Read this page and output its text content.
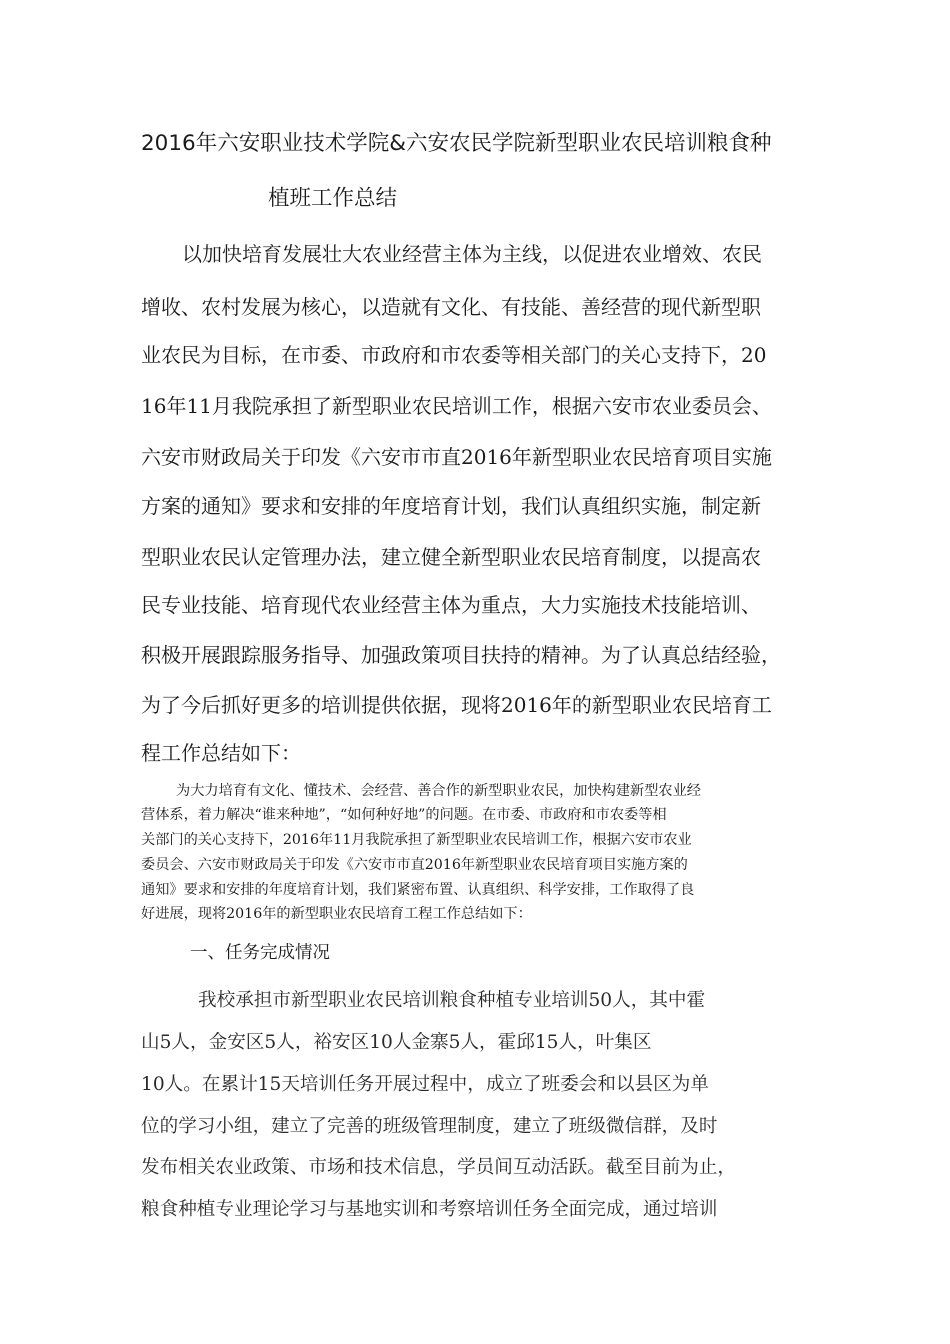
2016年六安职业技术学院&六安农民学院新型职业农民培训粮食种
植班工作总结
以加快培育发展壮大农业经营主体为主线，以促进农业增效、农民
增收、农村发展为核心，以造就有文化、有技能、善经营的现代新型职
业农民为目标，在市委、市政府和市农委等相关部门的关心支持下，20
16年11月我院承担了新型职业农民培训工作，根据六安市农业委员会、
六安市财政局关于印发《六安市市直2016年新型职业农民培育项目实施
方案的通知》要求和安排的年度培育计划，我们认真组织实施，制定新
型职业农民认定管理办法，建立健全新型职业农民培育制度，以提高农
民专业技能、培育现代农业经营主体为重点，大力实施技术技能培训、
积极开展跟踪服务指导、加强政策项目扶持的精神。为了认真总结经验，
为了今后抓好更多的培训提供依据，现将2016年的新型职业农民培育工
程工作总结如下：
为大力培育有文化、懂技术、会经营、善合作的新型职业农民，加快构建新型农业经
营体系，着力解决“谁来种地”，“如何种好地”的问题。在市委、市政府和市农委等相
关部门的关心支持下，2016年11月我院承担了新型职业农民培训工作，根据六安市农业
委员会、六安市财政局关于印发《六安市市直2016年新型职业农民培育项目实施方案的
通知》要求和安排的年度培育计划，我们紧密布置、认真组织、科学安排，工作取得了良
好进展，现将2016年的新型职业农民培育工程工作总结如下：
一、任务完成情况
我校承担市新型职业农民培训粮食种植专业培训50人，其中霍
山5人，金安区5人，裕安区10人金寨5人，霍邱15人，叶集区
10人。在累计15天培训任务开展过程中，成立了班委会和以县区为单
位的学习小组，建立了完善的班级管理制度，建立了班级微信群，及时
发布相关农业政策、市场和技术信息，学员间互动活跃。截至目前为止，
粮食种植专业理论学习与基地实训和考察培训任务全面完成，通过培训
